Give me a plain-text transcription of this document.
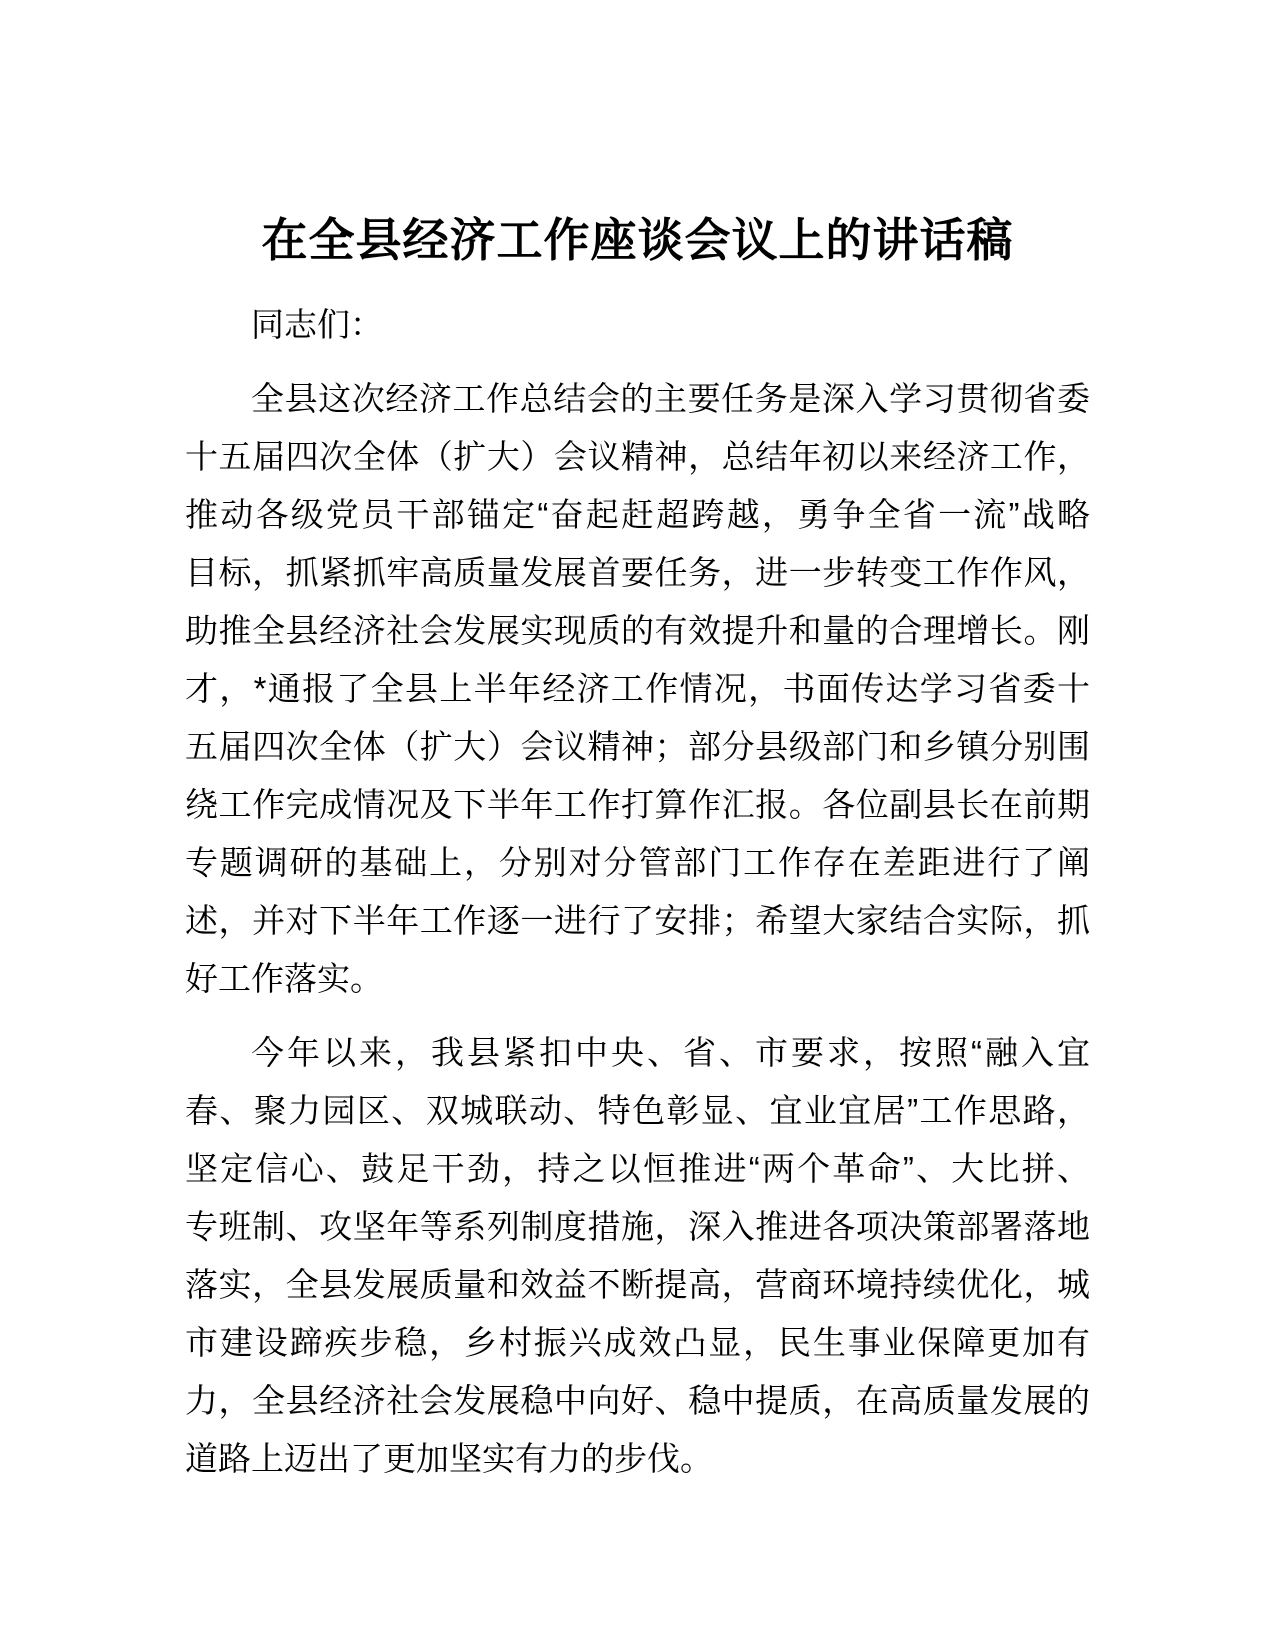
在全县经济工作座谈会议上的讲话稿
同志们：
全县这次经济工作总结会的主要任务是深入学习贯彻省委
十五届四次全体（扩大）会议精神，总结年初以来经济工作，
推动各级党员干部锚定“奋起赶超跨越，勇争全省一流”战略
目标，抓紧抓牢高质量发展首要任务，进一步转变工作作风，
助推全县经济社会发展实现质的有效提升和量的合理增长。刚
才，*通报了全县上半年经济工作情况，书面传达学习省委十
五届四次全体（扩大）会议精神；部分县级部门和乡镇分别围
绕工作完成情况及下半年工作打算作汇报。各位副县长在前期
专题调研的基础上，分别对分管部门工作存在差距进行了阐
述，并对下半年工作逐一进行了安排；希望大家结合实际，抓
好工作落实。
今年以来，我县紧扣中央、省、市要求，按照“融入宜
春、聚力园区、双城联动、特色彰显、宜业宜居”工作思路，
坚定信心、鼓足干劲，持之以恒推进“两个革命”、大比拼、
专班制、攻坚年等系列制度措施，深入推进各项决策部署落地
落实，全县发展质量和效益不断提高，营商环境持续优化，城
市建设蹄疾步稳，乡村振兴成效凸显，民生事业保障更加有
力，全县经济社会发展稳中向好、稳中提质，在高质量发展的
道路上迈出了更加坚实有力的步伐。
